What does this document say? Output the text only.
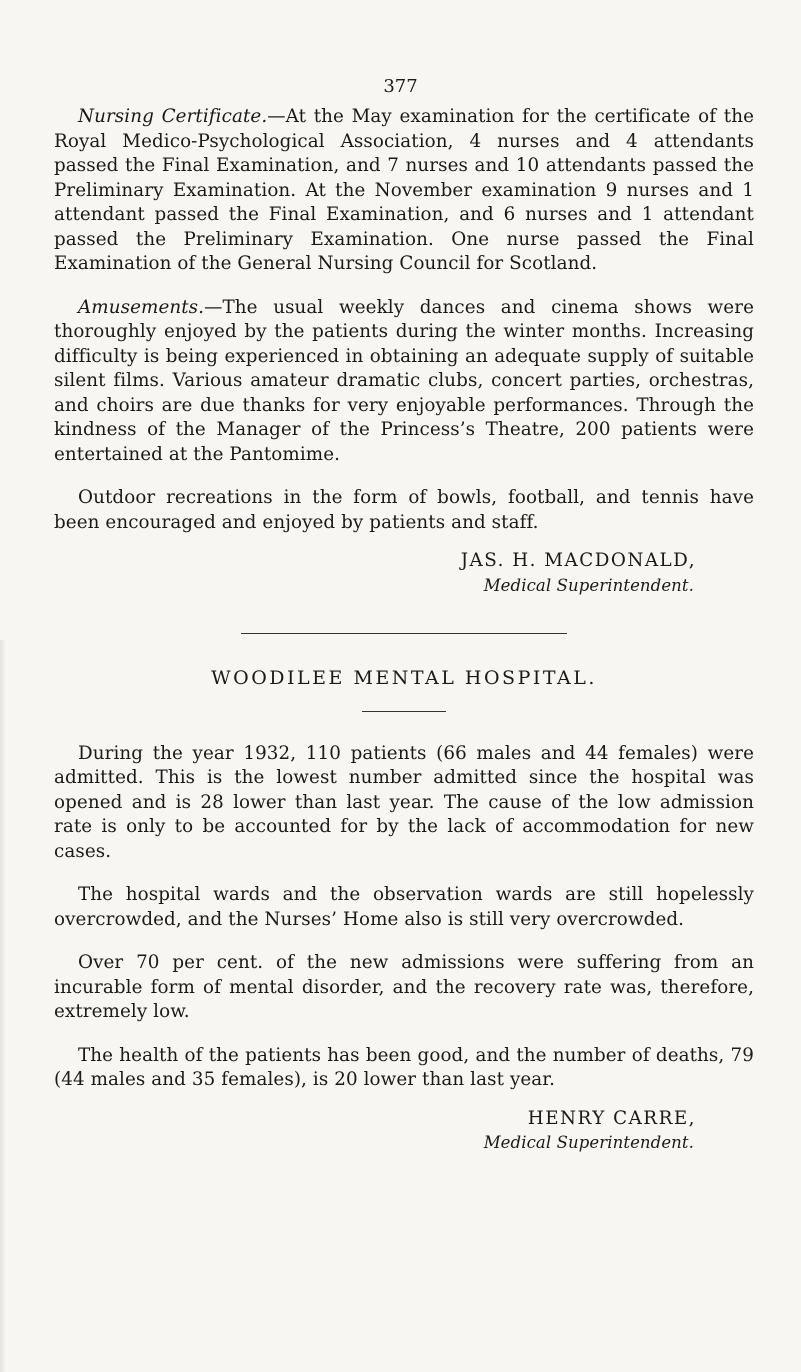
377

Nursing Certificate.—At the May examination for the certificate of the Royal Medico-Psychological Association, 4 nurses and 4 attendants passed the Final Examination, and 7 nurses and 10 attendants passed the Preliminary Examination. At the November examination 9 nurses and 1 attendant passed the Final Examination, and 6 nurses and 1 attendant passed the Preliminary Examination. One nurse passed the Final Examination of the General Nursing Council for Scotland.

Amusements.—The usual weekly dances and cinema shows were thoroughly enjoyed by the patients during the winter months. Increasing difficulty is being experienced in obtaining an adequate supply of suitable silent films. Various amateur dramatic clubs, concert parties, orchestras, and choirs are due thanks for very enjoyable performances. Through the kindness of the Manager of the Princess’s Theatre, 200 patients were entertained at the Pantomime.

Outdoor recreations in the form of bowls, football, and tennis have been encouraged and enjoyed by patients and staff.

JAS. H. MACDONALD,

Medical Superintendent.

WOODILEE MENTAL HOSPITAL.

During the year 1932, 110 patients (66 males and 44 females) were admitted. This is the lowest number admitted since the hospital was opened and is 28 lower than last year. The cause of the low admission rate is only to be accounted for by the lack of accommodation for new cases.

The hospital wards and the observation wards are still hopelessly overcrowded, and the Nurses’ Home also is still very overcrowded.

Over 70 per cent. of the new admissions were suffering from an incurable form of mental disorder, and the recovery rate was, therefore, extremely low.

The health of the patients has been good, and the number of deaths, 79 (44 males and 35 females), is 20 lower than last year.

HENRY CARRE,

Medical Superintendent.
